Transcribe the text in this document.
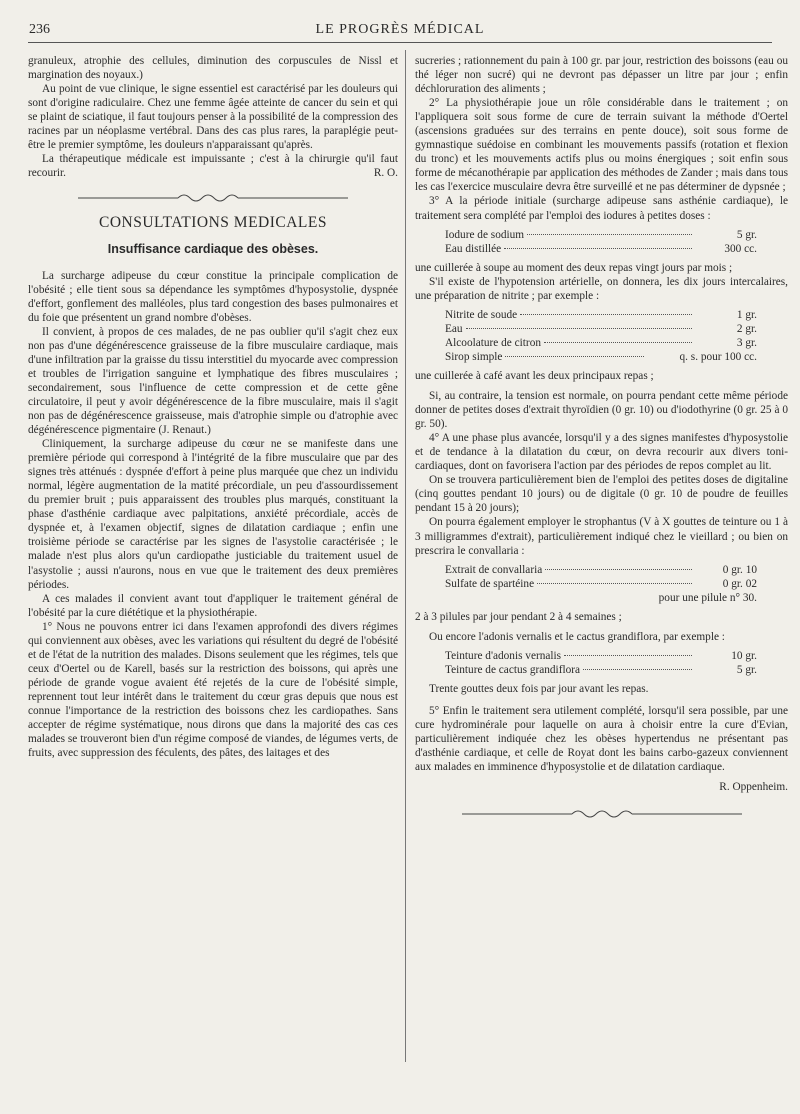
236	LE PROGRÈS MÉDICAL

granuleux, atrophie des cellules, diminution des corpuscules de Nissl et margination des noyaux.)

Au point de vue clinique, le signe essentiel est caractérisé par les douleurs qui sont d'origine radiculaire. Chez une femme âgée atteinte de cancer du sein et qui se plaint de sciatique, il faut toujours penser à la possibilité de la compression des racines par un néoplasme vertébral. Dans des cas plus rares, la paraplégie peut-être le premier symptôme, les douleurs n'apparaissant qu'après.

La thérapeutique médicale est impuissante ; c'est à la chirurgie qu'il faut recourir.	R. O.

CONSULTATIONS MEDICALES
Insuffisance cardiaque des obèses.

La surcharge adipeuse du cœur constitue la principale complication de l'obésité ; elle tient sous sa dépendance les symptômes d'hyposystolie, dyspnée d'effort, gonflement des malléoles, plus tard congestion des bases pulmonaires et du foie que présentent un grand nombre d'obèses.

Il convient, à propos de ces malades, de ne pas oublier qu'il s'agit chez eux non pas d'une dégénérescence graisseuse de la fibre musculaire cardiaque, mais d'une infiltration par la graisse du tissu interstitiel du myocarde avec compression et troubles de l'irrigation sanguine et lymphatique des fibres musculaires ; secondairement, sous l'influence de cette compression et de cette gêne circulatoire, il peut y avoir dégénérescence de la fibre musculaire, mais il s'agit non pas de dégénérescence graisseuse, mais d'atrophie simple ou d'atrophie avec dégénérescence pigmentaire (J. Renaut.)

Cliniquement, la surcharge adipeuse du cœur ne se manifeste dans une première période qui correspond à l'intégrité de la fibre musculaire que par des signes très atténués : dyspnée d'effort à peine plus marquée que chez un individu normal, légère augmentation de la matité précordiale, un peu d'assourdissement du premier bruit ; puis apparaissent des troubles plus marqués, constituant la phase d'asthénie cardiaque avec palpitations, anxiété précordiale, accès de dyspnée et, à l'examen objectif, signes de dilatation cardiaque ; enfin une troisième période se caractérise par les signes de l'asystolie caractérisée ; le malade n'est plus alors qu'un cardiopathe justiciable du traitement usuel de l'asystolie ; aussi n'aurons, nous en vue que le traitement des deux premières périodes.

A ces malades il convient avant tout d'appliquer le traitement général de l'obésité par la cure diététique et la physiothérapie.

1° Nous ne pouvons entrer ici dans l'examen approfondi des divers régimes qui conviennent aux obèses, avec les variations qui résultent du degré de l'obésité et de l'état de la nutrition des malades. Disons seulement que les régimes, tels que ceux d'Oertel ou de Karell, basés sur la restriction des boissons, qui après une période de grande vogue avaient été rejetés de la cure de l'obésité simple, reprennent tout leur intérêt dans le traitement du cœur gras depuis que nous est connue l'importance de la restriction des boissons chez les cardiopathes. Sans accepter de régime systématique, nous dirons que dans la majorité des cas ces malades se trouveront bien d'un régime composé de viandes, de légumes verts, de fruits, avec suppression des féculents, des pâtes, des laitages et des

sucreries ; rationnement du pain à 100 gr. par jour, restriction des boissons (eau ou thé léger non sucré) qui ne devront pas dépasser un litre par jour ; enfin déchloruration des aliments ;

2° La physiothérapie joue un rôle considérable dans le traitement ; on l'appliquera soit sous forme de cure de terrain suivant la méthode d'Oertel (ascensions graduées sur des terrains en pente douce), soit sous forme de gymnastique suédoise en combinant les mouvements passifs (rotation et flexion du tronc) et les mouvements actifs plus ou moins énergiques ; soit enfin sous forme de mécanothérapie par application des méthodes de Zander ; mais dans tous les cas l'exercice musculaire devra être surveillé et ne pas déterminer de dypsnée ;

3° A la période initiale (surcharge adipeuse sans asthénie cardiaque), le traitement sera complété par l'emploi des iodures à petites doses :

Iodure de sodium	5 gr.
Eau distillée	300 cc.

une cuillerée à soupe au moment des deux repas vingt jours par mois ;

S'il existe de l'hypotension artérielle, on donnera, les dix jours intercalaires, une préparation de nitrite ; par exemple :

Nitrite de soude	1 gr.
Eau	2 gr.
Alcoolature de citron	3 gr.
Sirop simple	q. s. pour 100 cc.

une cuillerée à café avant les deux principaux repas ;

Si, au contraire, la tension est normale, on pourra pendant cette même période donner de petites doses d'extrait thyroïdien (0 gr. 10) ou d'iodothyrine (0 gr. 25 à 0 gr. 50).

4° A une phase plus avancée, lorsqu'il y a des signes manifestes d'hyposystolie et de tendance à la dilatation du cœur, on devra recourir aux divers toni-cardiaques, dont on favorisera l'action par des périodes de repos complet au lit.

On se trouvera particulièrement bien de l'emploi des petites doses de digitaline (cinq gouttes pendant 10 jours) ou de digitale (0 gr. 10 de poudre de feuilles pendant 15 à 20 jours);

On pourra également employer le strophantus (V à X gouttes de teinture ou 1 à 3 milligrammes d'extrait), particulièrement indiqué chez le vieillard ; ou bien on prescrira le convallaria :

Extrait de convallaria	0 gr. 10
Sulfate de spartéine	0 gr. 02
pour une pilule n° 30.

2 à 3 pilules par jour pendant 2 à 4 semaines ;

Ou encore l'adonis vernalis et le cactus grandiflora, par exemple :

Teinture d'adonis vernalis	10 gr.
Teinture de cactus grandiflora	5 gr.

Trente gouttes deux fois par jour avant les repas.

5° Enfin le traitement sera utilement complété, lorsqu'il sera possible, par une cure hydrominérale pour laquelle on aura à choisir entre la cure d'Evian, particulièrement indiquée chez les obèses hypertendus ne présentant pas d'asthénie cardiaque, et celle de Royat dont les bains carbo-gazeux conviennent aux malades en imminence d'hyposystolie et de dilatation cardiaque.

R. Oppenheim.
